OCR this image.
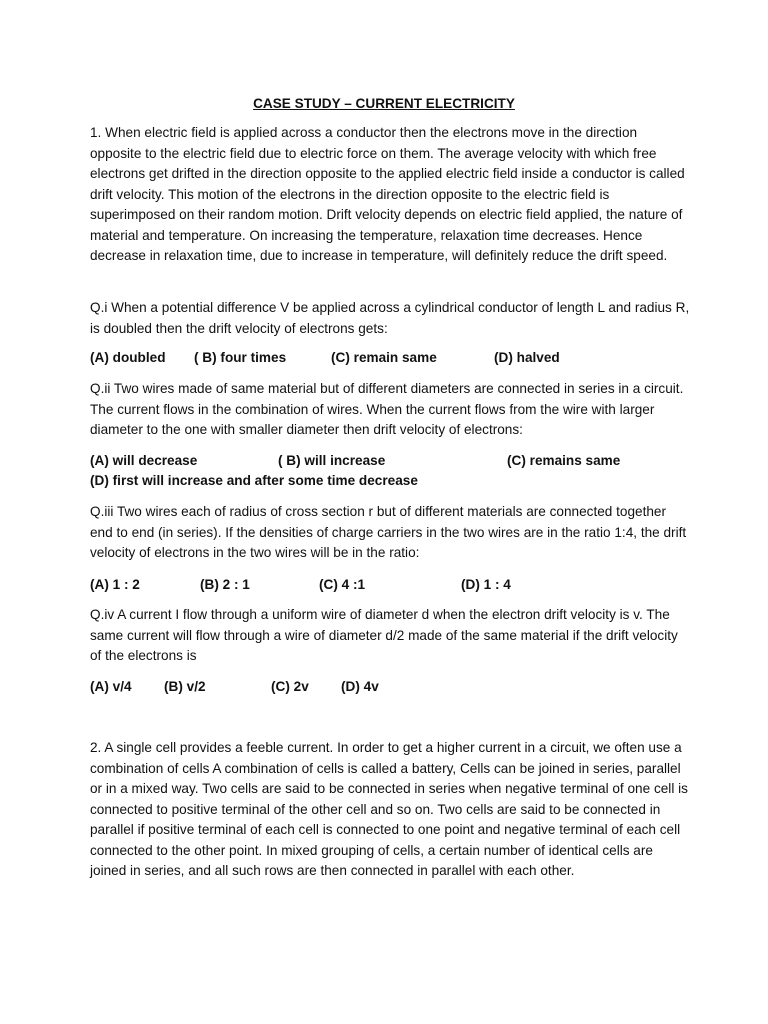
CASE STUDY – CURRENT ELECTRICITY

1. When electric field is applied across a conductor then the electrons move in the direction opposite to the electric field due to electric force on them. The average velocity with which free electrons get drifted in the direction opposite to the applied electric field inside a conductor is called drift velocity. This motion of the electrons in the direction opposite to the electric field is superimposed on their random motion. Drift velocity depends on electric field applied, the nature of material and temperature. On increasing the temperature, relaxation time decreases. Hence decrease in relaxation time, due to increase in temperature, will definitely reduce the drift speed.

Q.i When a potential difference V be applied across a cylindrical conductor of length L and radius R, is doubled then the drift velocity of electrons gets:

(A) doubled ( B) four times	(C) remain same	(D) halved

Q.ii Two wires made of same material but of different diameters are connected in series in a circuit. The current flows in the combination of wires. When the current flows from the wire with larger diameter to the one with smaller diameter then drift velocity of electrons:

(A) will decrease	( B) will increase	(C) remains same
(D) first will increase and after some time decrease

Q.iii Two wires each of radius of cross section r but of different materials are connected together end to end (in series). If the densities of charge carriers in the two wires are in the ratio 1:4, the drift velocity of electrons in the two wires will be in the ratio:

(A) 1 : 2	(B) 2 : 1	(C) 4 :1	(D) 1 : 4

Q.iv A current I flow through a uniform wire of diameter d when the electron drift velocity is v. The same current will flow through a wire of diameter d/2 made of the same material if the drift velocity of the electrons is

(A) v/4 (B) v/2	(C) 2v (D) 4v

2. A single cell provides a feeble current. In order to get a higher current in a circuit, we often use a combination of cells A combination of cells is called a battery, Cells can be joined in series, parallel or in a mixed way. Two cells are said to be connected in series when negative terminal of one cell is connected to positive terminal of the other cell and so on. Two cells are said to be connected in parallel if positive terminal of each cell is connected to one point and negative terminal of each cell connected to the other point. In mixed grouping of cells, a certain number of identical cells are joined in series, and all such rows are then connected in parallel with each other.
